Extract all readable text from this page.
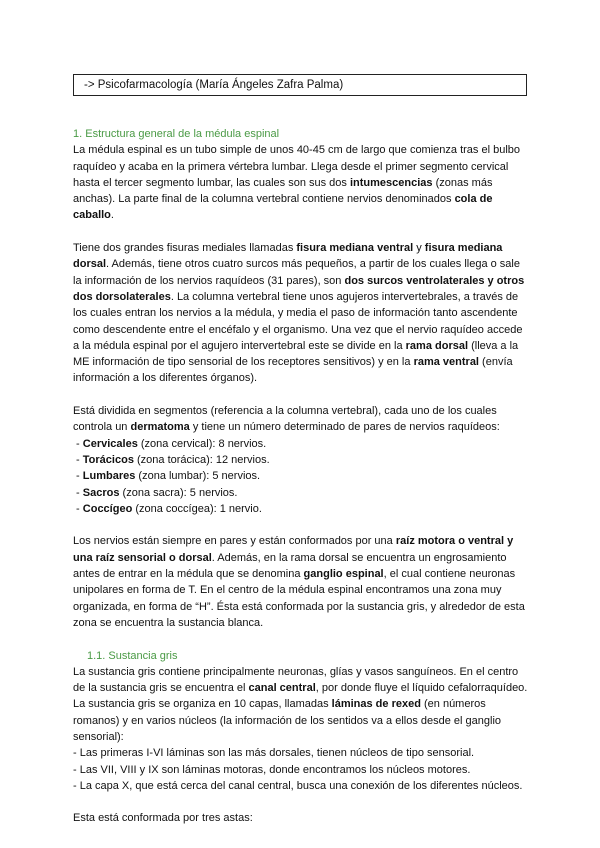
-> Psicofarmacología (María Ángeles Zafra Palma)

1. Estructura general de la médula espinal

La médula espinal es un tubo simple de unos 40-45 cm de largo que comienza tras el bulbo raquídeo y acaba en la primera vértebra lumbar. Llega desde el primer segmento cervical hasta el tercer segmento lumbar, las cuales son sus dos intumescencias (zonas más anchas). La parte final de la columna vertebral contiene nervios denominados cola de caballo.

Tiene dos grandes fisuras mediales llamadas fisura mediana ventral y fisura mediana dorsal. Además, tiene otros cuatro surcos más pequeños, a partir de los cuales llega o sale la información de los nervios raquídeos (31 pares), son dos surcos ventrolaterales y otros dos dorsolaterales. La columna vertebral tiene unos agujeros intervertebrales, a través de los cuales entran los nervios a la médula, y media el paso de información tanto ascendente como descendente entre el encéfalo y el organismo. Una vez que el nervio raquídeo accede a la médula espinal por el agujero intervertebral este se divide en la rama dorsal (lleva a la ME información de tipo sensorial de los receptores sensitivos) y en la rama ventral (envía información a los diferentes órganos).

Está dividida en segmentos (referencia a la columna vertebral), cada uno de los cuales controla un dermatoma y tiene un número determinado de pares de nervios raquídeos:

- Cervicales (zona cervical): 8 nervios.

- Torácicos (zona torácica): 12 nervios.

- Lumbares (zona lumbar): 5 nervios.

- Sacros (zona sacra): 5 nervios.

- Coccígeo (zona coccígea): 1 nervio.

Los nervios están siempre en pares y están conformados por una raíz motora o ventral y una raíz sensorial o dorsal. Además, en la rama dorsal se encuentra un engrosamiento antes de entrar en la médula que se denomina ganglio espinal, el cual contiene neuronas unipolares en forma de T. En el centro de la médula espinal encontramos una zona muy organizada, en forma de “H”. Ésta está conformada por la sustancia gris, y alrededor de esta zona se encuentra la sustancia blanca.

1.1. Sustancia gris

La sustancia gris contiene principalmente neuronas, glías y vasos sanguíneos. En el centro de la sustancia gris se encuentra el canal central, por donde fluye el líquido cefalorraquídeo. La sustancia gris se organiza en 10 capas, llamadas láminas de rexed (en números romanos) y en varios núcleos (la información de los sentidos va a ellos desde el ganglio sensorial):

- Las primeras I-VI láminas son las más dorsales, tienen núcleos de tipo sensorial.

- Las VII, VIII y IX son láminas motoras, donde encontramos los núcleos motores.

- La capa X, que está cerca del canal central, busca una conexión de los diferentes núcleos.

Esta está conformada por tres astas:
